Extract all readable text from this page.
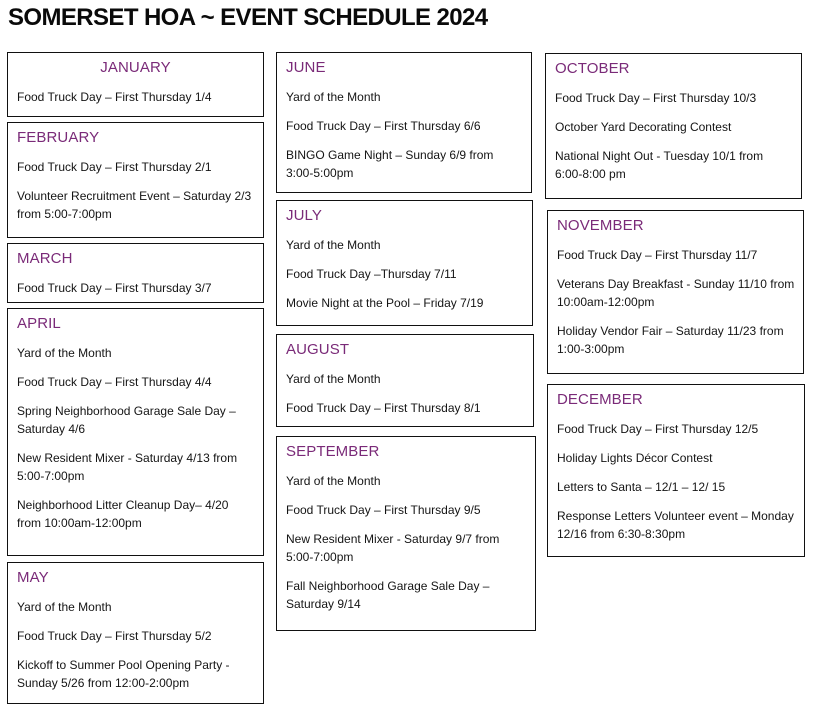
SOMERSET HOA ~ EVENT SCHEDULE 2024
JANUARY
Food Truck Day – First Thursday 1/4
FEBRUARY
Food Truck Day – First Thursday 2/1
Volunteer Recruitment Event – Saturday 2/3 from 5:00-7:00pm
MARCH
Food Truck Day – First Thursday 3/7
APRIL
Yard of the Month
Food Truck Day – First Thursday 4/4
Spring Neighborhood Garage Sale Day – Saturday 4/6
New Resident Mixer - Saturday 4/13 from 5:00-7:00pm
Neighborhood Litter Cleanup Day– 4/20 from 10:00am-12:00pm
MAY
Yard of the Month
Food Truck Day – First Thursday 5/2
Kickoff to Summer Pool Opening Party - Sunday 5/26 from 12:00-2:00pm
JUNE
Yard of the Month
Food Truck Day – First Thursday 6/6
BINGO Game Night – Sunday 6/9 from 3:00-5:00pm
JULY
Yard of the Month
Food Truck Day –Thursday 7/11
Movie Night at the Pool – Friday 7/19
AUGUST
Yard of the Month
Food Truck Day – First Thursday 8/1
SEPTEMBER
Yard of the Month
Food Truck Day – First Thursday 9/5
New Resident Mixer - Saturday 9/7 from 5:00-7:00pm
Fall Neighborhood Garage Sale Day – Saturday 9/14
OCTOBER
Food Truck Day – First Thursday 10/3
October Yard Decorating Contest
National Night Out - Tuesday 10/1 from 6:00-8:00 pm
NOVEMBER
Food Truck Day – First Thursday 11/7
Veterans Day Breakfast - Sunday 11/10 from 10:00am-12:00pm
Holiday Vendor Fair – Saturday 11/23 from 1:00-3:00pm
DECEMBER
Food Truck Day – First Thursday 12/5
Holiday Lights Décor Contest
Letters to Santa – 12/1 – 12/ 15
Response Letters Volunteer event – Monday 12/16 from 6:30-8:30pm
